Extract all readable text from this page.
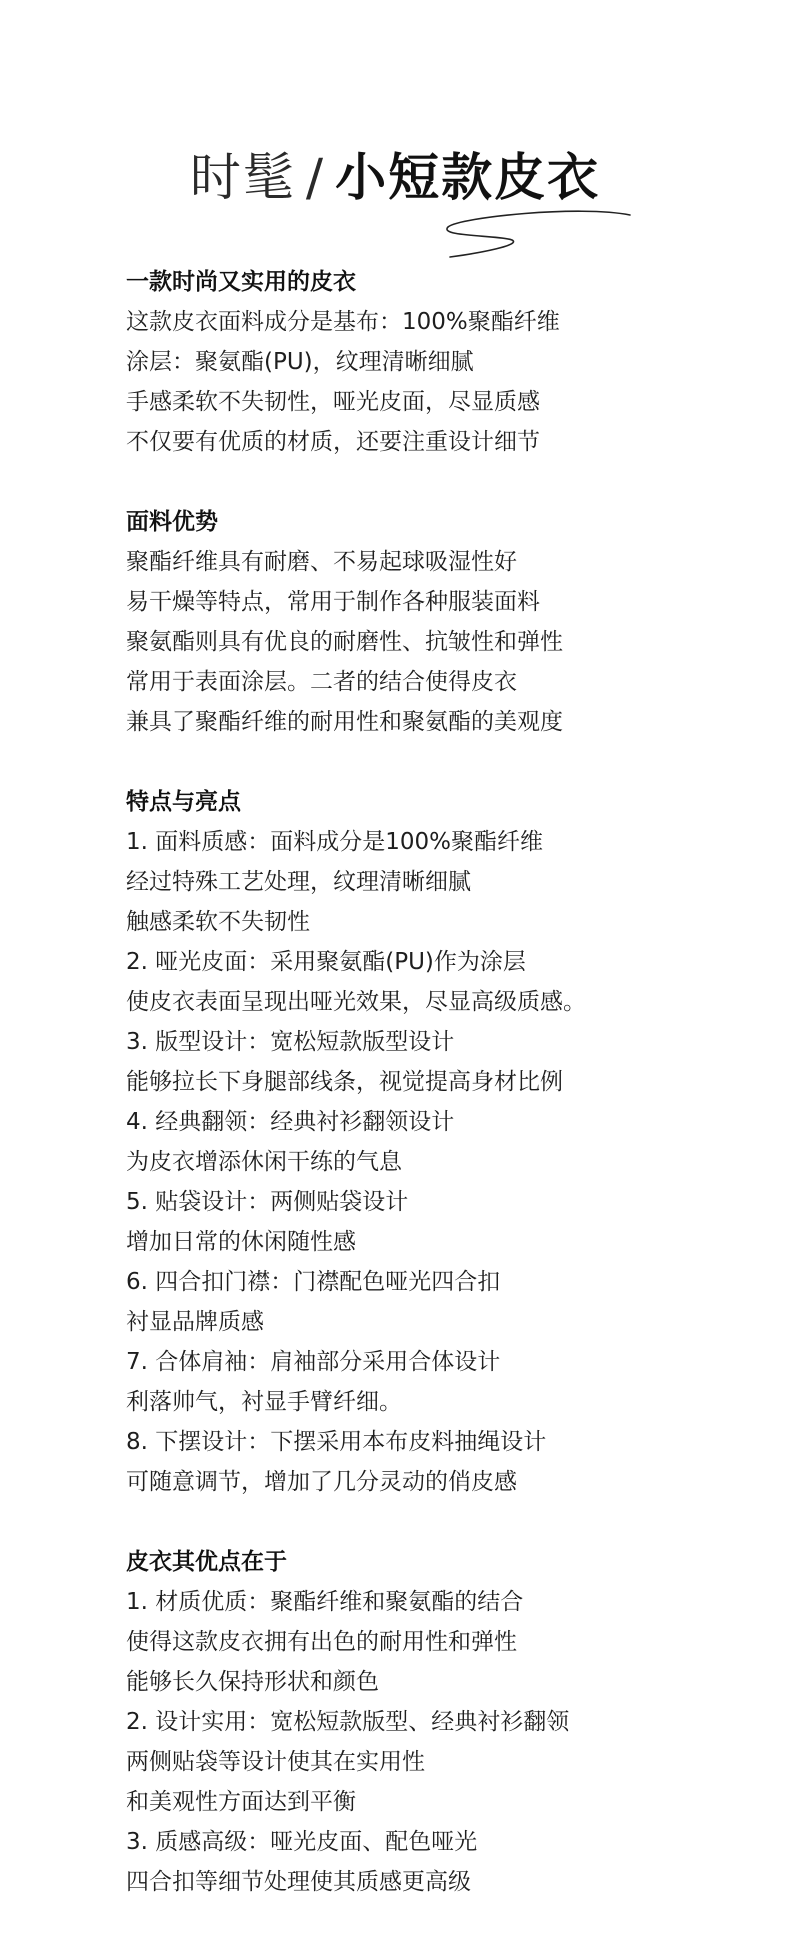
时髦 / 小短款皮衣
一款时尚又实用的皮衣
这款皮衣面料成分是基布：100%聚酯纤维
涂层：聚氨酯(PU)，纹理清晰细腻
手感柔软不失韧性，哑光皮面，尽显质感
不仅要有优质的材质，还要注重设计细节
面料优势
聚酯纤维具有耐磨、不易起球吸湿性好
易干燥等特点，常用于制作各种服装面料
聚氨酯则具有优良的耐磨性、抗皱性和弹性
常用于表面涂层。二者的结合使得皮衣
兼具了聚酯纤维的耐用性和聚氨酯的美观度
特点与亮点
1. 面料质感：面料成分是100%聚酯纤维
经过特殊工艺处理，纹理清晰细腻
触感柔软不失韧性
2. 哑光皮面：采用聚氨酯(PU)作为涂层
使皮衣表面呈现出哑光效果，尽显高级质感。
3. 版型设计：宽松短款版型设计
能够拉长下身腿部线条，视觉提高身材比例
4. 经典翻领：经典衬衫翻领设计
为皮衣增添休闲干练的气息
5. 贴袋设计：两侧贴袋设计
增加日常的休闲随性感
6. 四合扣门襟：门襟配色哑光四合扣
衬显品牌质感
7. 合体肩袖：肩袖部分采用合体设计
利落帅气，衬显手臂纤细。
8. 下摆设计：下摆采用本布皮料抽绳设计
可随意调节，增加了几分灵动的俏皮感
皮衣其优点在于
1. 材质优质：聚酯纤维和聚氨酯的结合
使得这款皮衣拥有出色的耐用性和弹性
能够长久保持形状和颜色
2. 设计实用：宽松短款版型、经典衬衫翻领
两侧贴袋等设计使其在实用性
和美观性方面达到平衡
3. 质感高级：哑光皮面、配色哑光
四合扣等细节处理使其质感更高级
